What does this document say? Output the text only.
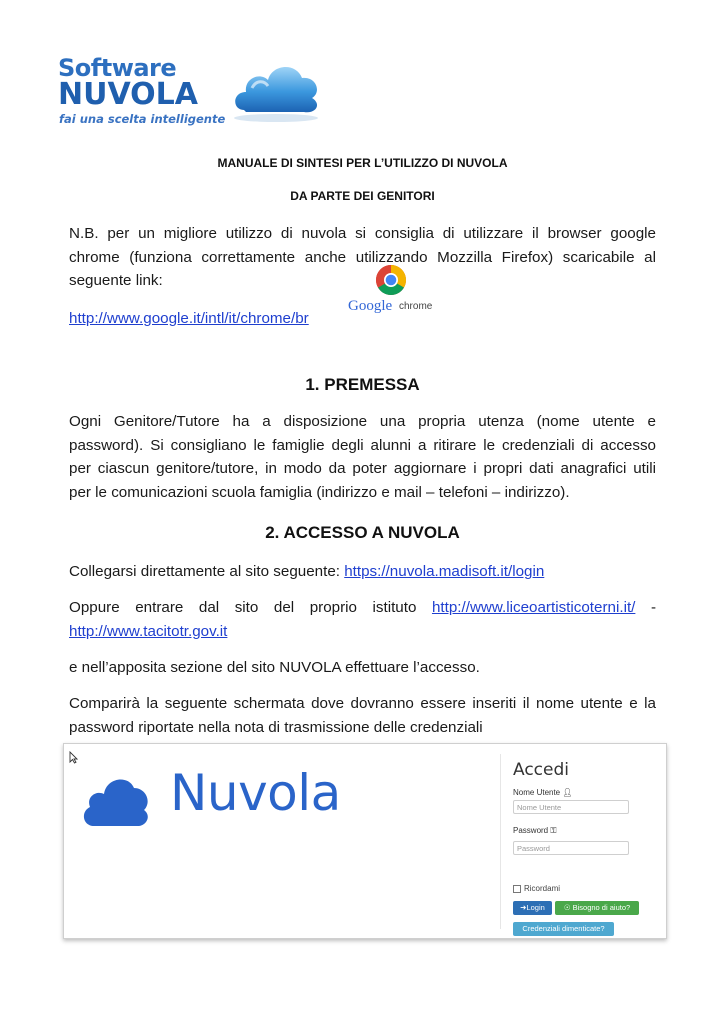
Software
NUVOLA
fai una scelta intelligente
MANUALE DI SINTESI PER L’UTILIZZO DI NUVOLA
DA PARTE DEI GENITORI
N.B. per un migliore utilizzo di nuvola si consiglia di utilizzare il browser google
chrome (funziona correttamente anche utilizzando Mozzilla Firefox) scaricabile al
seguente link:
http://www.google.it/intl/it/chrome/br
Google chrome
1. PREMESSA
Ogni Genitore/Tutore ha a disposizione una propria utenza (nome utente e
password). Si consigliano le famiglie degli alunni a ritirare le credenziali di accesso
per ciascun genitore/tutore, in modo da poter aggiornare i propri dati anagrafici utili
per le comunicazioni scuola famiglia (indirizzo e mail – telefoni – indirizzo).
2. ACCESSO A NUVOLA
Collegarsi direttamente al sito seguente: https://nuvola.madisoft.it/login
Oppure entrare dal sito del proprio istituto http://www.liceoartisticoterni.it/ -
http://www.tacitotr.gov.it
e nell’apposita sezione del sito NUVOLA effettuare l’accesso.
Comparirà la seguente schermata dove dovranno essere inseriti il nome utente e la
password riportate nella nota di trasmissione delle credenziali
Nuvola	Accedi
Nome Utente 👤︎
Nome Utente
Password ⚿
Password
Ricordami
➜Login	☉ Bisogno di aiuto?
Credenziali dimenticate?
